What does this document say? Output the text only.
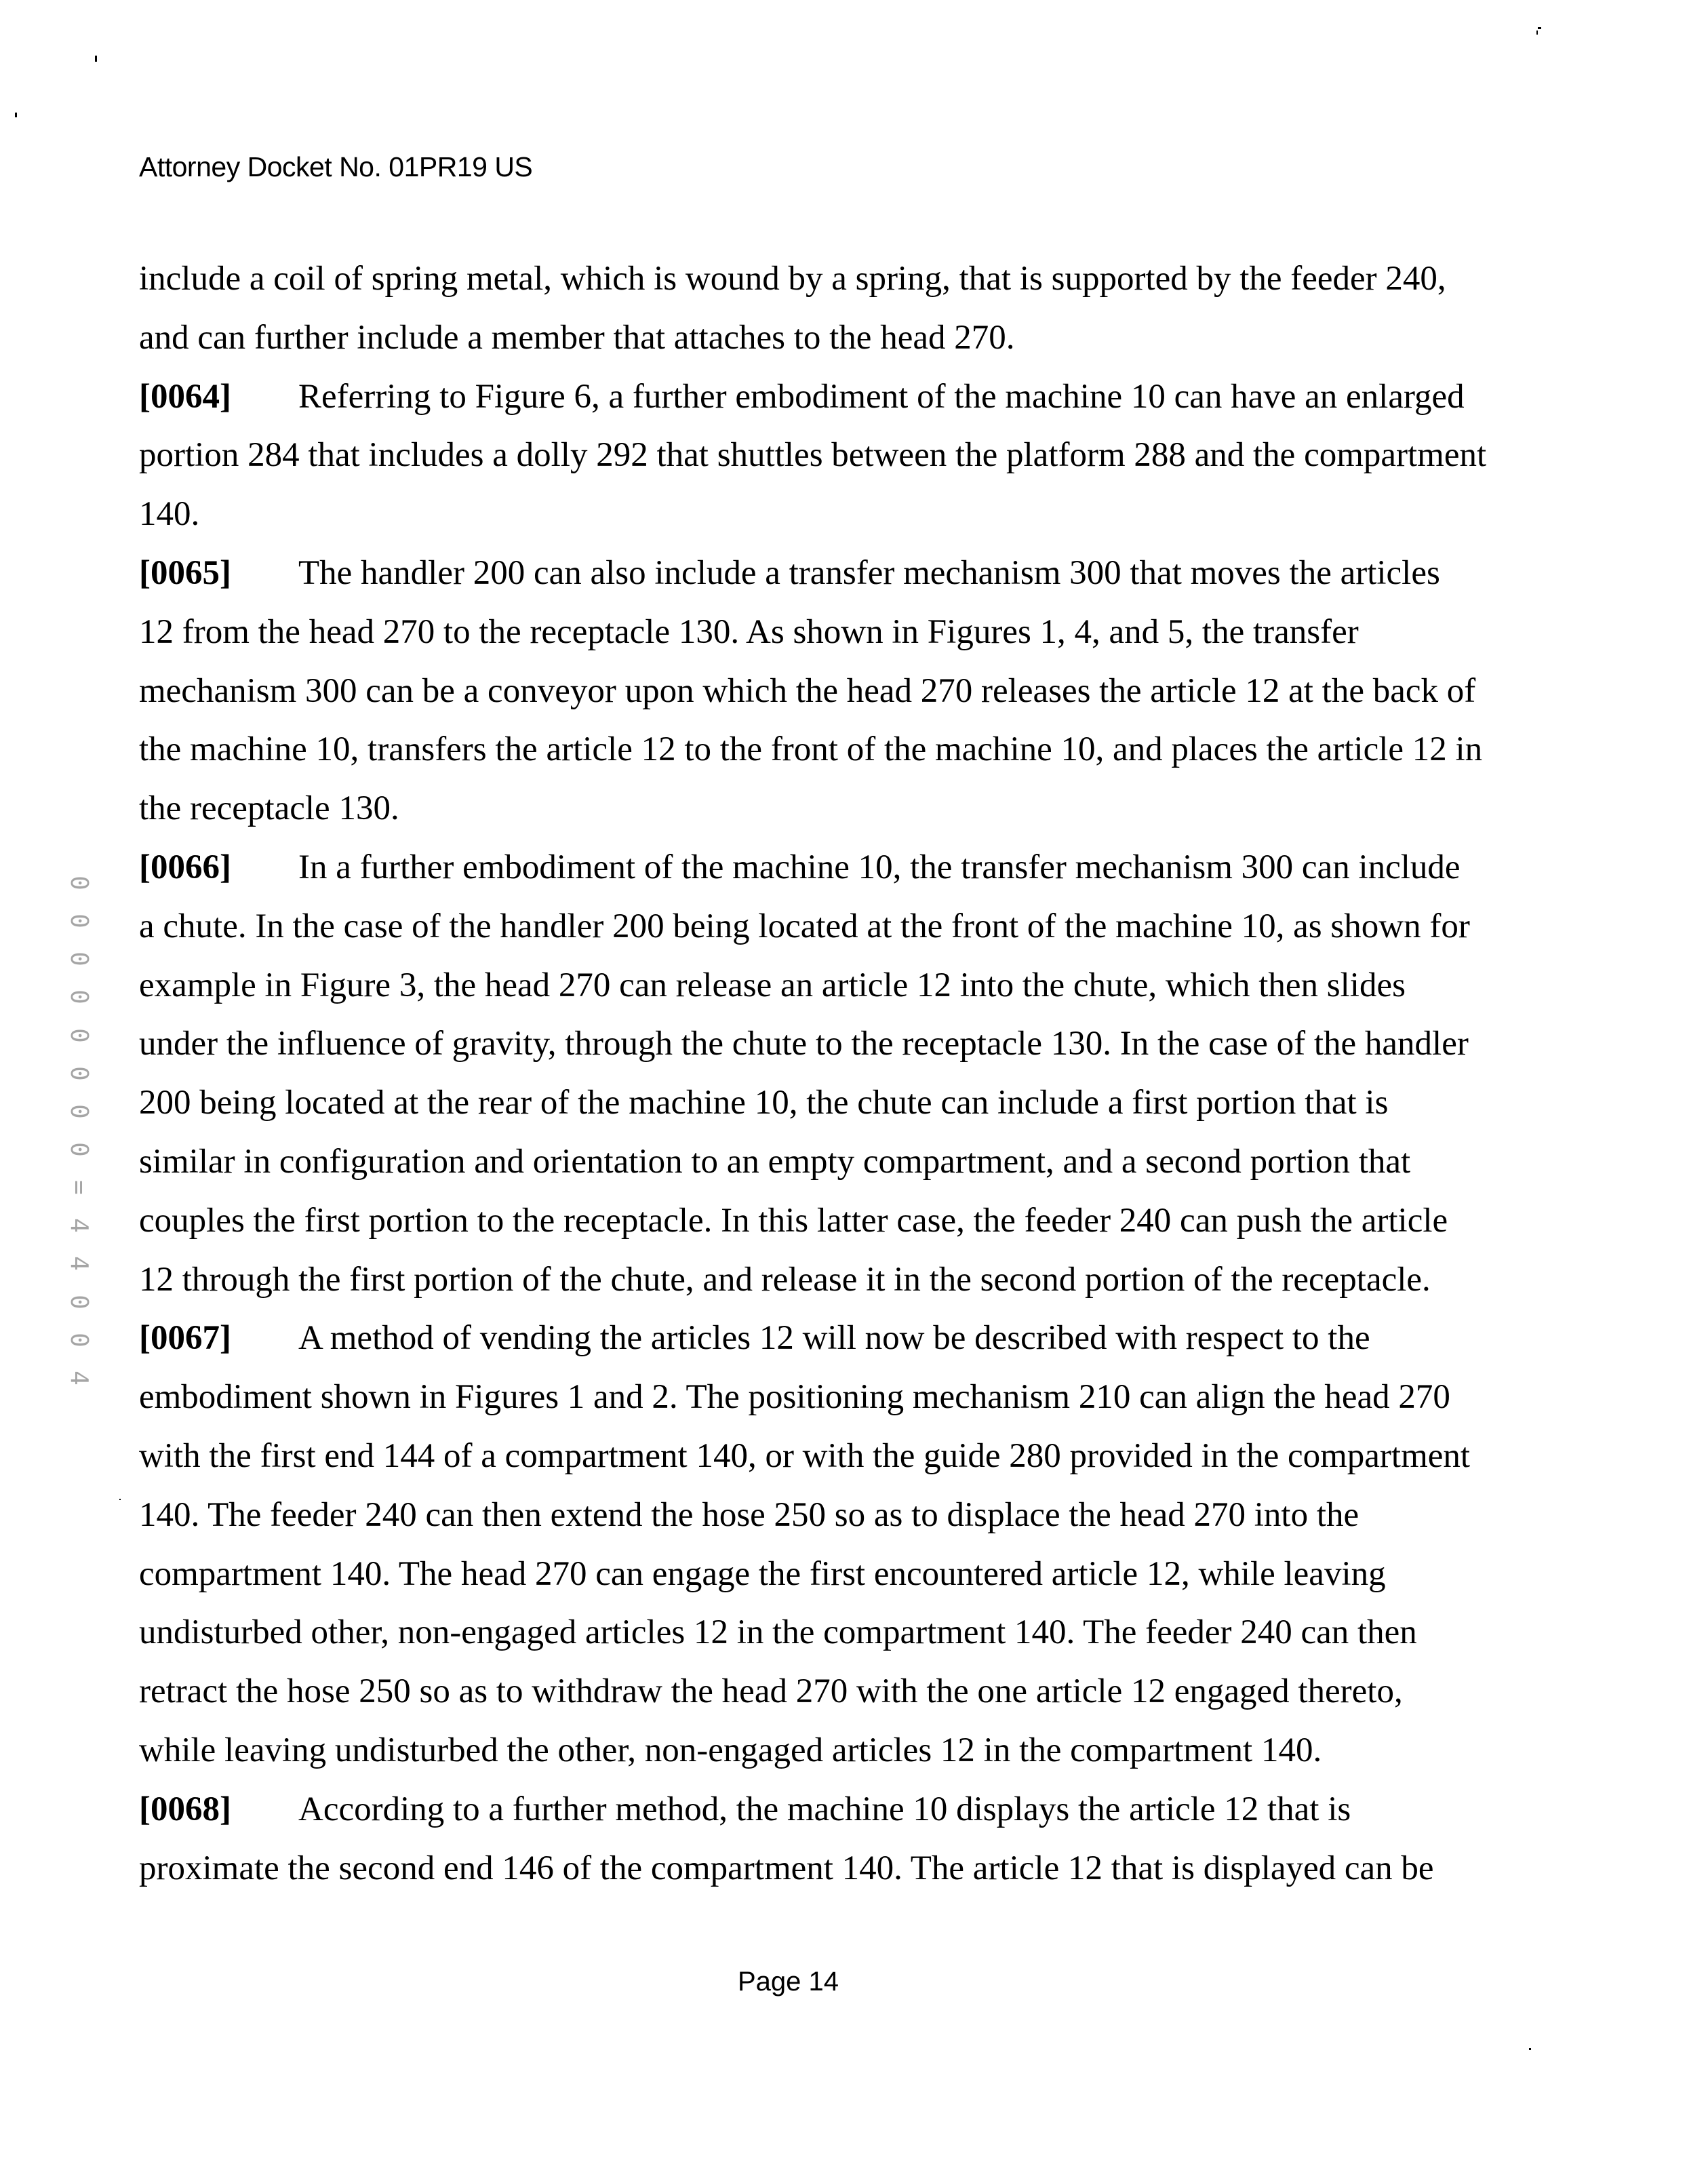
Attorney Docket No. 01PR19 US
0
0
0
0
0
0
0
0
=
4
4
0
0
4
include a coil of spring metal, which is wound by a spring, that is supported by the feeder 240,
and can further include a member that attaches to the head 270.
[0064] Referring to Figure 6, a further embodiment of the machine 10 can have an enlarged
portion 284 that includes a dolly 292 that shuttles between the platform 288 and the compartment
140.
[0065] The handler 200 can also include a transfer mechanism 300 that moves the articles
12 from the head 270 to the receptacle 130. As shown in Figures 1, 4, and 5, the transfer
mechanism 300 can be a conveyor upon which the head 270 releases the article 12 at the back of
the machine 10, transfers the article 12 to the front of the machine 10, and places the article 12 in
the receptacle 130.
[0066] In a further embodiment of the machine 10, the transfer mechanism 300 can include
a chute. In the case of the handler 200 being located at the front of the machine 10, as shown for
example in Figure 3, the head 270 can release an article 12 into the chute, which then slides
under the influence of gravity, through the chute to the receptacle 130. In the case of the handler
200 being located at the rear of the machine 10, the chute can include a first portion that is
similar in configuration and orientation to an empty compartment, and a second portion that
couples the first portion to the receptacle. In this latter case, the feeder 240 can push the article
12 through the first portion of the chute, and release it in the second portion of the receptacle.
[0067] A method of vending the articles 12 will now be described with respect to the
embodiment shown in Figures 1 and 2. The positioning mechanism 210 can align the head 270
with the first end 144 of a compartment 140, or with the guide 280 provided in the compartment
140. The feeder 240 can then extend the hose 250 so as to displace the head 270 into the
compartment 140. The head 270 can engage the first encountered article 12, while leaving
undisturbed other, non-engaged articles 12 in the compartment 140. The feeder 240 can then
retract the hose 250 so as to withdraw the head 270 with the one article 12 engaged thereto,
while leaving undisturbed the other, non-engaged articles 12 in the compartment 140.
[0068] According to a further method, the machine 10 displays the article 12 that is
proximate the second end 146 of the compartment 140. The article 12 that is displayed can be
Page 14
